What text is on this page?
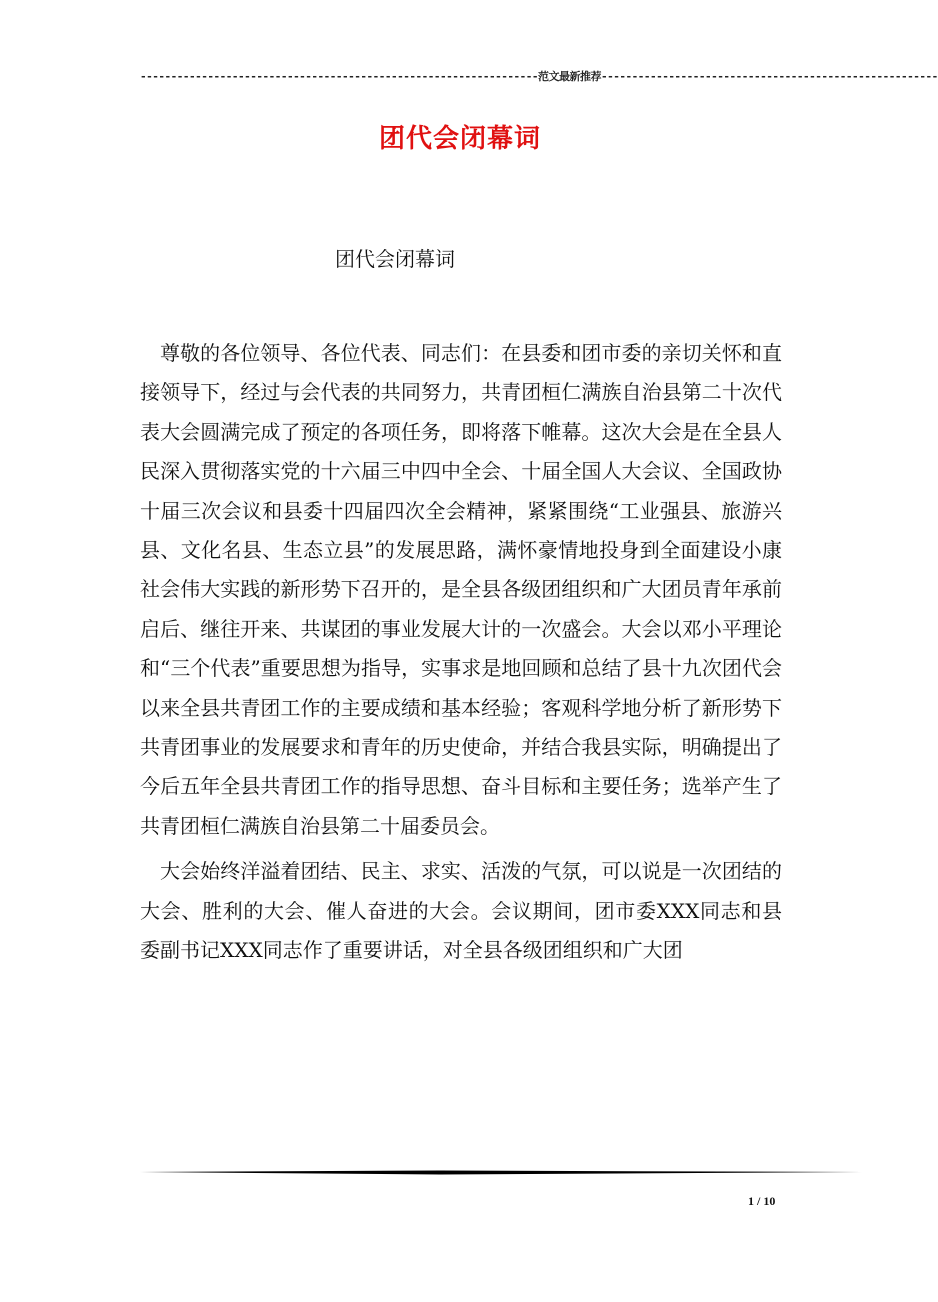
-----------------------------------------------------------------范文最新推荐-------------------------------------------------------
团代会闭幕词
团代会闭幕词

尊敬的各位领导、各位代表、同志们：在县委和团市委的亲切关怀和直接领导下，经过与会代表的共同努力，共青团桓仁满族自治县第二十次代表大会圆满完成了预定的各项任务，即将落下帷幕。这次大会是在全县人民深入贯彻落实党的十六届三中四中全会、十届全国人大会议、全国政协十届三次会议和县委十四届四次全会精神，紧紧围绕“工业强县、旅游兴县、文化名县、生态立县”的发展思路，满怀豪情地投身到全面建设小康社会伟大实践的新形势下召开的，是全县各级团组织和广大团员青年承前启后、继往开来、共谋团的事业发展大计的一次盛会。大会以邓小平理论和“三个代表”重要思想为指导，实事求是地回顾和总结了县十九次团代会以来全县共青团工作的主要成绩和基本经验；客观科学地分析了新形势下共青团事业的发展要求和青年的历史使命，并结合我县实际，明确提出了今后五年全县共青团工作的指导思想、奋斗目标和主要任务；选举产生了共青团桓仁满族自治县第二十届委员会。

大会始终洋溢着团结、民主、求实、活泼的气氛，可以说是一次团结的大会、胜利的大会、催人奋进的大会。会议期间，团市委XXX同志和县委副书记XXX同志作了重要讲话，对全县各级团组织和广大团

1 / 10
